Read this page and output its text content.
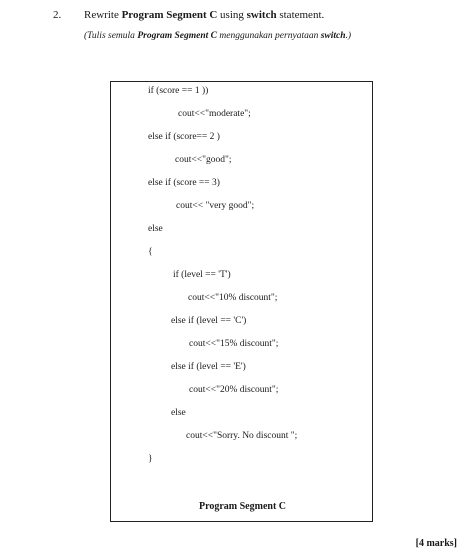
2. Rewrite Program Segment C using switch statement.
(Tulis semula Program Segment C menggunakan pernyataan switch.)
if (score == 1 ))
cout<<"moderate";
else if (score== 2 )
cout<<"good";
else if (score == 3)
cout<< "very good";
else
{
if (level == 'T')
cout<<"10% discount";
else if (level == 'C')
cout<<"15% discount";
else if (level == 'E')
cout<<"20% discount";
else
cout<<"Sorry. No discount ";
}
Program Segment C
[4 marks]
